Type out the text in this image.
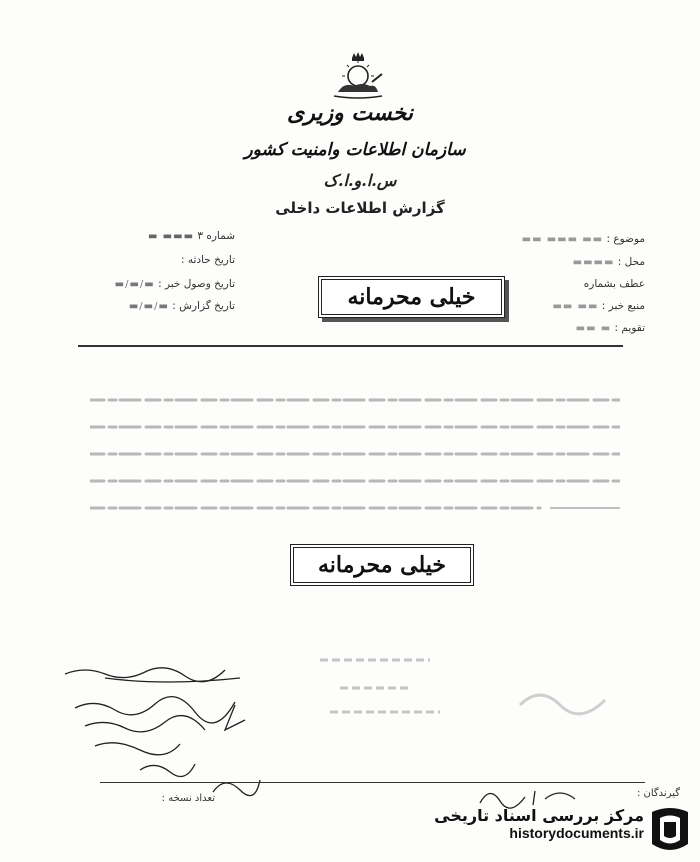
نخست وزیری
سازمان اطلاعات وامنیت کشور
س.ا.و.ا.ک
گزارش اطلاعات داخلی
موضوع : ▬▬ ▬▬▬ ▬▬
محل : ▬▬▬▬
عطف بشماره
منبع خبر : ▬▬ ▬▬
تقویم : ▬ ▬▬
شماره ۳ ▬▬▬ ▬
تاریخ حادثه :
تاریخ وصول خبر : ▬/▬/▬
تاریخ گزارش : ▬/▬/▬	خیلی محرمانه
خیلی محرمانه
تعداد نسخه :	گیرندگان :
مرکز بررسی اسناد تاریخی
historydocuments.ir
